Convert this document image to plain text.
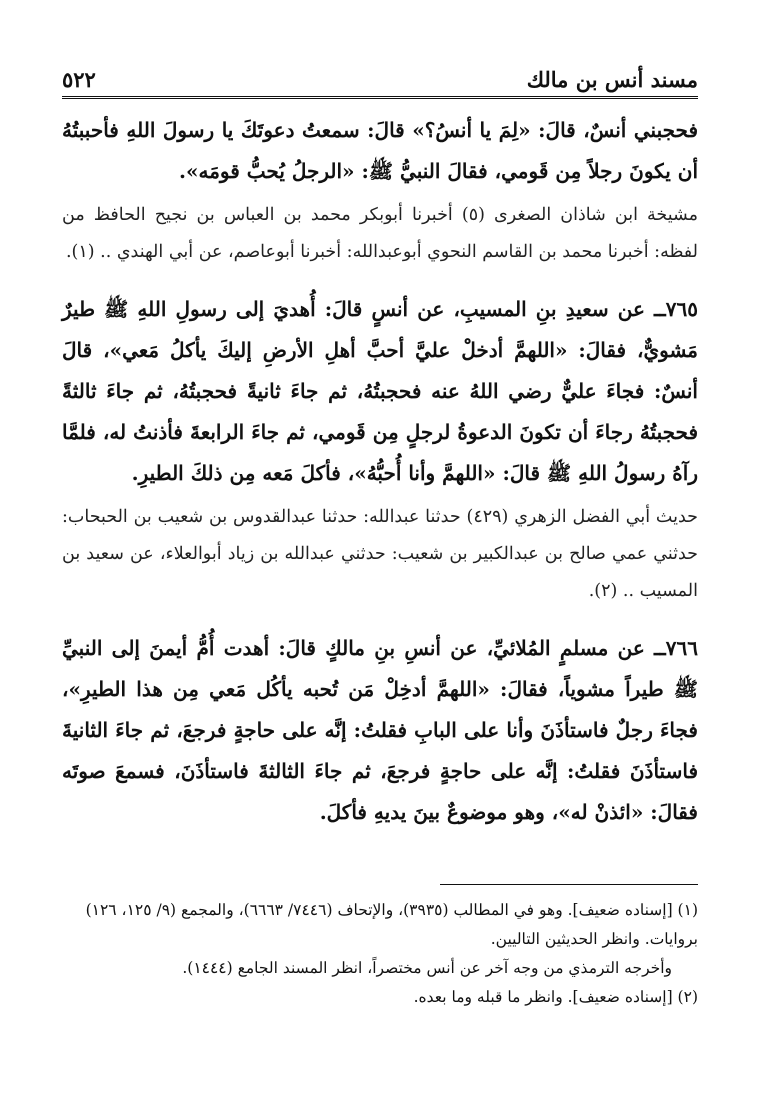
مسند أنس بن مالك
٥٢٢

فحجبني أنسٌ، قالَ: «لِمَ يا أنسُ؟» قالَ: سمعتُ دعوتَكَ يا رسولَ اللهِ فأحببتُهُ أن يكونَ رجلاً مِن قَومي، فقالَ النبيُّ ﷺ: «الرجلُ يُحبُّ قومَه».

مشيخة ابن شاذان الصغرى (٥) أخبرنا أبوبكر محمد بن العباس بن نجيح الحافظ من لفظه: أخبرنا محمد بن القاسم النحوي أبوعبدالله: أخبرنا أبوعاصم، عن أبي الهندي .. (١).

٧٦٥ــ عن سعيدِ بنِ المسيبِ، عن أنسٍ قالَ: أُهديَ إلى رسولِ اللهِ ﷺ طيرٌ مَشويٌّ، فقالَ: «اللهمَّ أدخلْ عليَّ أحبَّ أهلِ الأرضِ إليكَ يأكلُ مَعي»، قالَ أنسٌ: فجاءَ عليٌّ رضي اللهُ عنه فحجبتُهُ، ثم جاءَ ثانيةً فحجبتُهُ، ثم جاءَ ثالثةً فحجبتُهُ رجاءَ أن تكونَ الدعوةُ لرجلٍ مِن قَومي، ثم جاءَ الرابعةَ فأذنتُ له، فلمَّا رآهُ رسولُ اللهِ ﷺ قالَ: «اللهمَّ وأنا أُحبُّهُ»، فأكلَ مَعه مِن ذلكَ الطيرِ.

حديث أبي الفضل الزهري (٤٢٩) حدثنا عبدالله: حدثنا عبدالقدوس بن شعيب بن الحبحاب: حدثني عمي صالح بن عبدالكبير بن شعيب: حدثني عبدالله بن زياد أبوالعلاء، عن سعيد بن المسيب .. (٢).

٧٦٦ــ عن مسلمٍ المُلائيِّ، عن أنسِ بنِ مالكٍ قالَ: أهدت أُمُّ أيمنَ إلى النبيِّ ﷺ طيراً مشوياً، فقالَ: «اللهمَّ أدخِلْ مَن تُحبه يأكُل مَعي مِن هذا الطيرِ»، فجاءَ رجلٌ فاستأذَنَ وأنا على البابِ فقلتُ: إنَّه على حاجةٍ فرجعَ، ثم جاءَ الثانيةَ فاستأذَنَ فقلتُ: إنَّه على حاجةٍ فرجعَ، ثم جاءَ الثالثةَ فاستأذَنَ، فسمعَ صوتَه فقالَ: «ائذنْ له»، وهو موضوعٌ بينَ يديهِ فأكلَ.

(١) [إسناده ضعيف]. وهو في المطالب (٣٩٣٥)، والإتحاف (٧٤٤٦/ ٦٦٦٣)، والمجمع (٩/ ١٢٥، ١٢٦) بروايات. وانظر الحديثين التاليين.

وأخرجه الترمذي من وجه آخر عن أنس مختصراً، انظر المسند الجامع (١٤٤٤).

(٢) [إسناده ضعيف]. وانظر ما قبله وما بعده.
